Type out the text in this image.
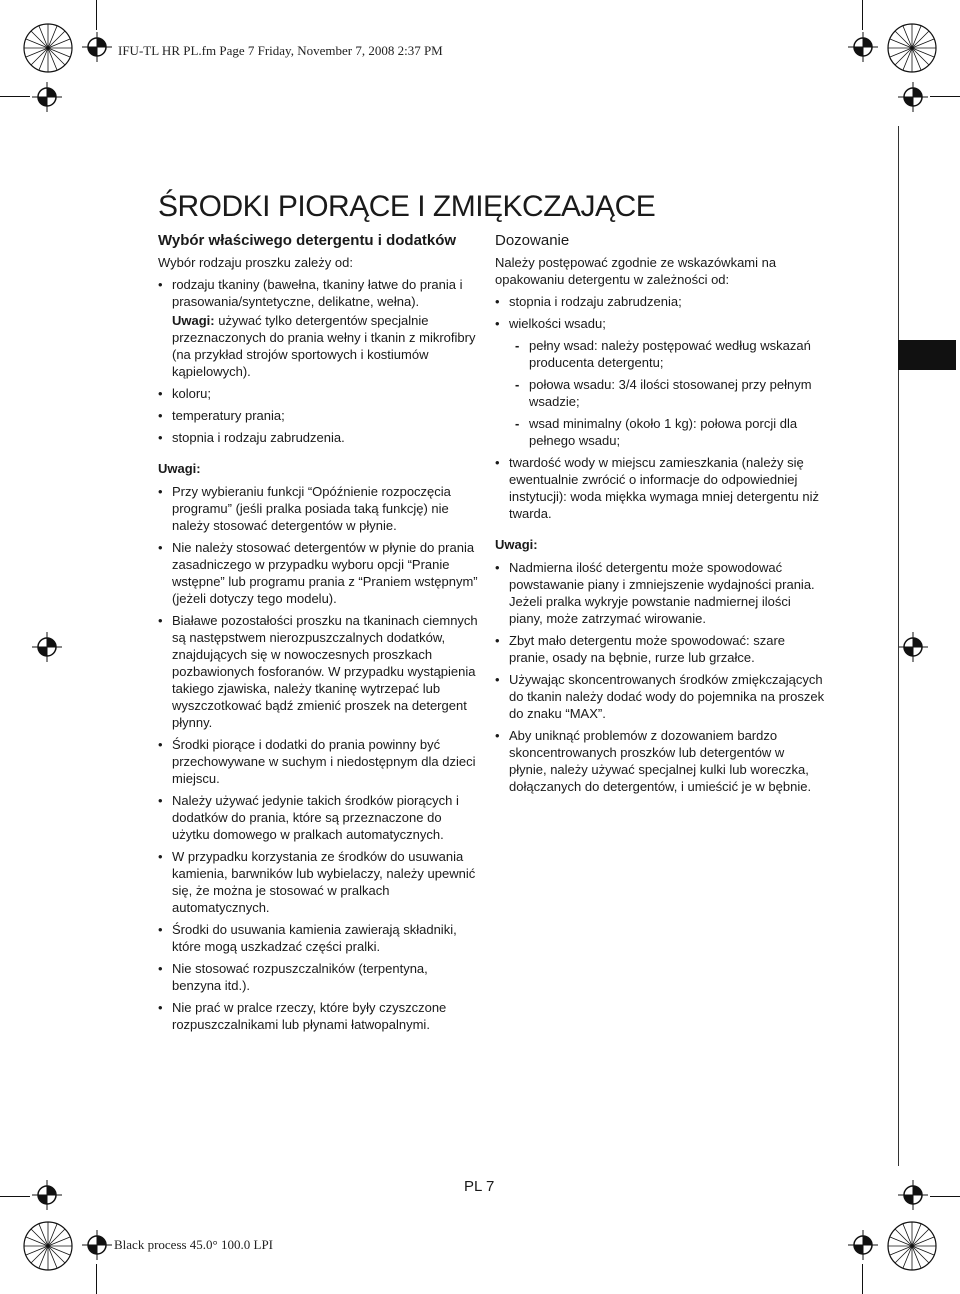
IFU-TL HR PL.fm Page 7 Friday, November 7, 2008 2:37 PM
Black process 45.0° 100.0 LPI
ŚRODKI PIORĄCE I ZMIĘKCZAJĄCE
Wybór właściwego detergentu i dodatków

Wybór rodzaju proszku zależy od:

• rodzaju tkaniny (bawełna, tkaniny łatwe do prania i prasowania/syntetyczne, delikatne, wełna).
Uwagi: używać tylko detergentów specjalnie przeznaczonych do prania wełny i tkanin z mikrofibry (na przykład strojów sportowych i kostiumów kąpielowych).
• koloru;
• temperatury prania;
• stopnia i rodzaju zabrudzenia.
Uwagi:
• Przy wybieraniu funkcji “Opóźnienie rozpoczęcia programu” (jeśli pralka posiada taką funkcję) nie należy stosować detergentów w płynie.
• Nie należy stosować detergentów w płynie do prania zasadniczego w przypadku wyboru opcji “Pranie wstępne” lub programu prania z “Praniem wstępnym” (jeżeli dotyczy tego modelu).
• Białawe pozostałości proszku na tkaninach ciemnych są następstwem nierozpuszczalnych dodatków, znajdujących się w nowoczesnych proszkach pozbawionych fosforanów. W przypadku wystąpienia takiego zjawiska, należy tkaninę wytrzepać lub wyszczotkować bądź zmienić proszek na detergent płynny.
• Środki piorące i dodatki do prania powinny być przechowywane w suchym i niedostępnym dla dzieci miejscu.
• Należy używać jedynie takich środków piorących i dodatków do prania, które są przeznaczone do użytku domowego w pralkach automatycznych.
• W przypadku korzystania ze środków do usuwania kamienia, barwników lub wybielaczy, należy upewnić się, że można je stosować w pralkach automatycznych.
• Środki do usuwania kamienia zawierają składniki, które mogą uszkadzać części pralki.
• Nie stosować rozpuszczalników (terpentyna, benzyna itd.).
• Nie prać w pralce rzeczy, które były czyszczone rozpuszczalnikami lub płynami łatwopalnymi.
Dozowanie

Należy postępować zgodnie ze wskazówkami na opakowaniu detergentu w zależności od:

• stopnia i rodzaju zabrudzenia;
• wielkości wsadu;
- pełny wsad: należy postępować według wskazań producenta detergentu;
- połowa wsadu: 3/4 ilości stosowanej przy pełnym wsadzie;
- wsad minimalny (około 1 kg): połowa porcji dla pełnego wsadu;
• twardość wody w miejscu zamieszkania (należy się ewentualnie zwrócić o informacje do odpowiedniej instytucji): woda miękka wymaga mniej detergentu niż twarda.
Uwagi:
• Nadmierna ilość detergentu może spowodować powstawanie piany i zmniejszenie wydajności prania. Jeżeli pralka wykryje powstanie nadmiernej ilości piany, może zatrzymać wirowanie.
• Zbyt mało detergentu może spowodować: szare pranie, osady na bębnie, rurze lub grzałce.
• Używając skoncentrowanych środków zmiękczających do tkanin należy dodać wody do pojemnika na proszek do znaku “MAX”.
• Aby uniknąć problemów z dozowaniem bardzo skoncentrowanych proszków lub detergentów w płynie, należy używać specjalnej kulki lub woreczka, dołączanych do detergentów, i umieścić je w bębnie.
PL 7
